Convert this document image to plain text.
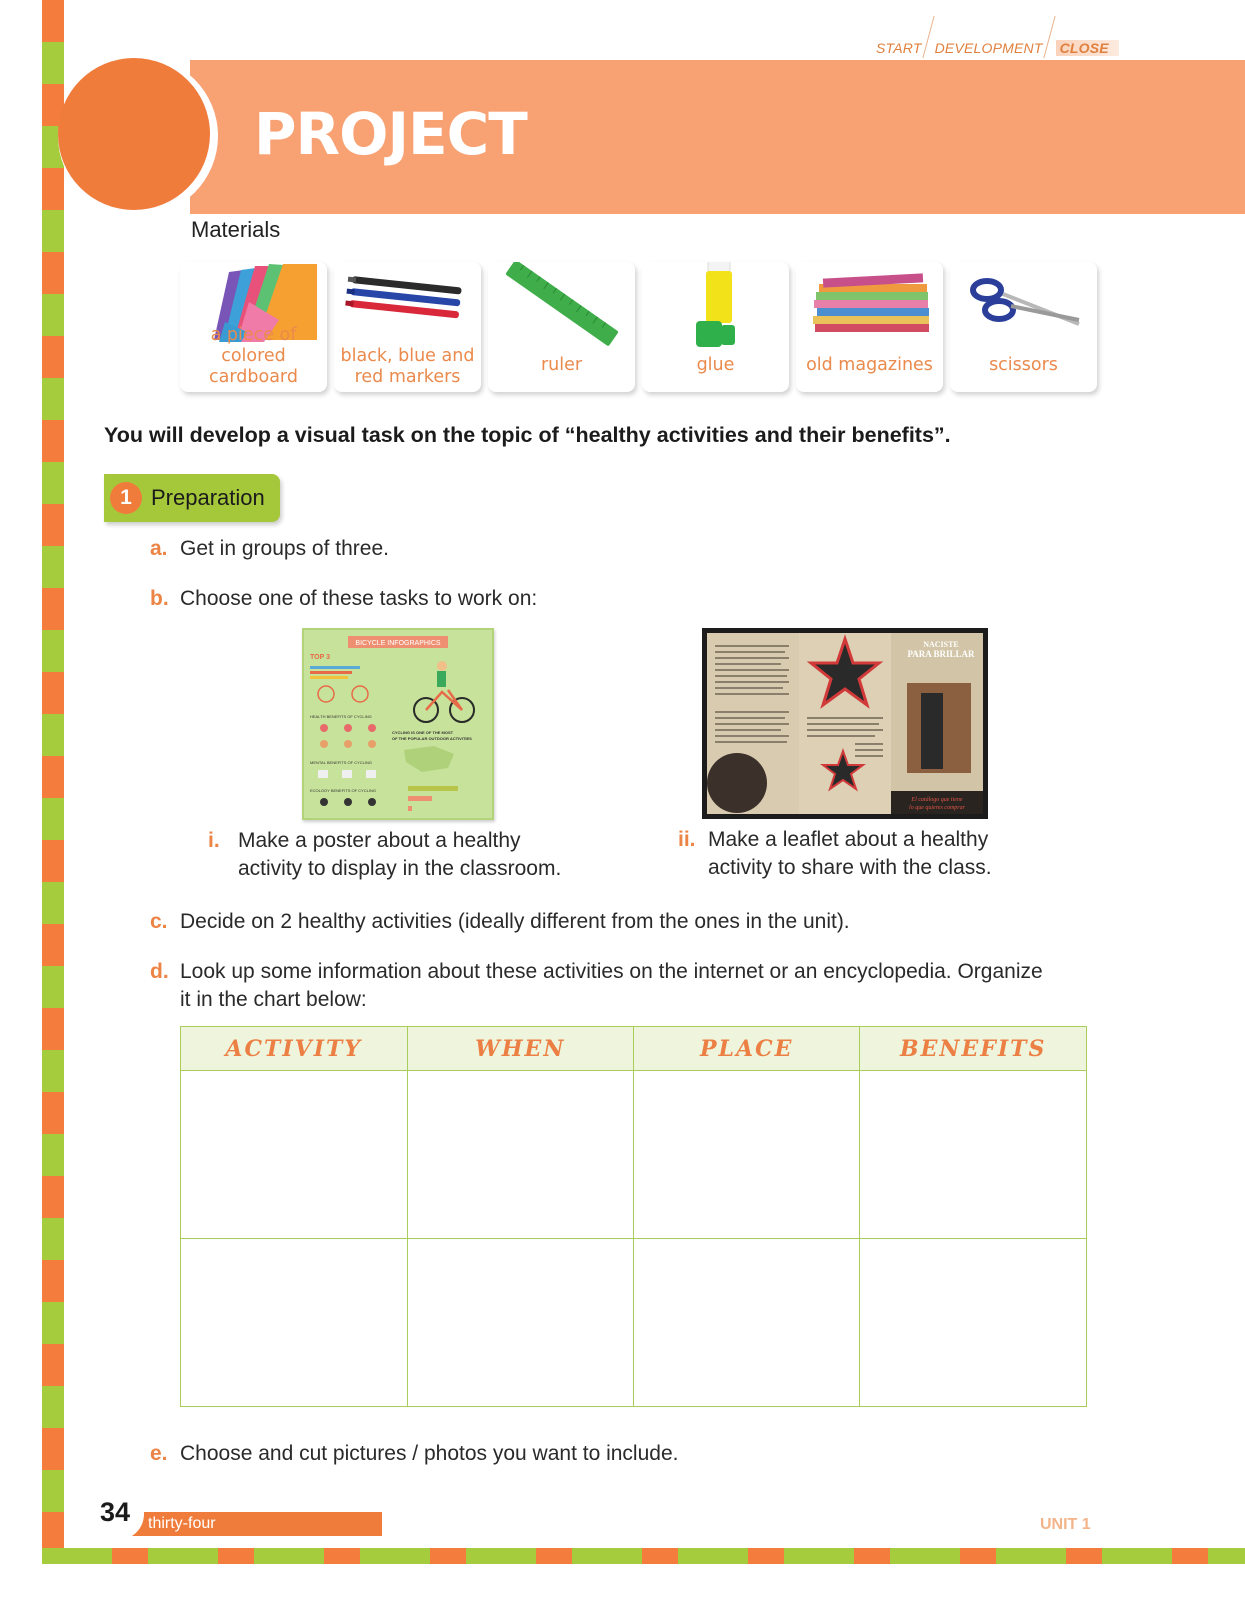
START DEVELOPMENT CLOSE
PROJECT
Materials
a piece of colored
cardboard
black, blue and
red markers
ruler	glue	old magazines	scissors
You will develop a visual task on the topic of “healthy activities and their benefits”.
1 Preparation
a. Get in groups of three.
b. Choose one of these tasks to work on:
BICYCLE INFOGRAPHICS
TOP 3
HEALTH BENEFITS OF CYCLING
CYCLING IS ONE OF THE MOST
OF THE POPULAR OUTDOOR ACTIVITIES
MENTAL BENEFITS OF CYCLING
ECOLOGY BENEFITS OF CYCLING
NACISTE
PARA BRILLAR
El catálogo que tiene
lo que quieres comprar
i. Make a poster about a healthy
activity to display in the classroom.
ii. Make a leaflet about a healthy
activity to share with the class.
c. Decide on 2 healthy activities (ideally different from the ones in the unit).
d. Look up some information about these activities on the internet or an encyclopedia. Organize
it in the chart below:
ACTIVITY	WHEN	PLACE	BENEFITS

e. Choose and cut pictures / photos you want to include.
34 thirty-four	UNIT 1
